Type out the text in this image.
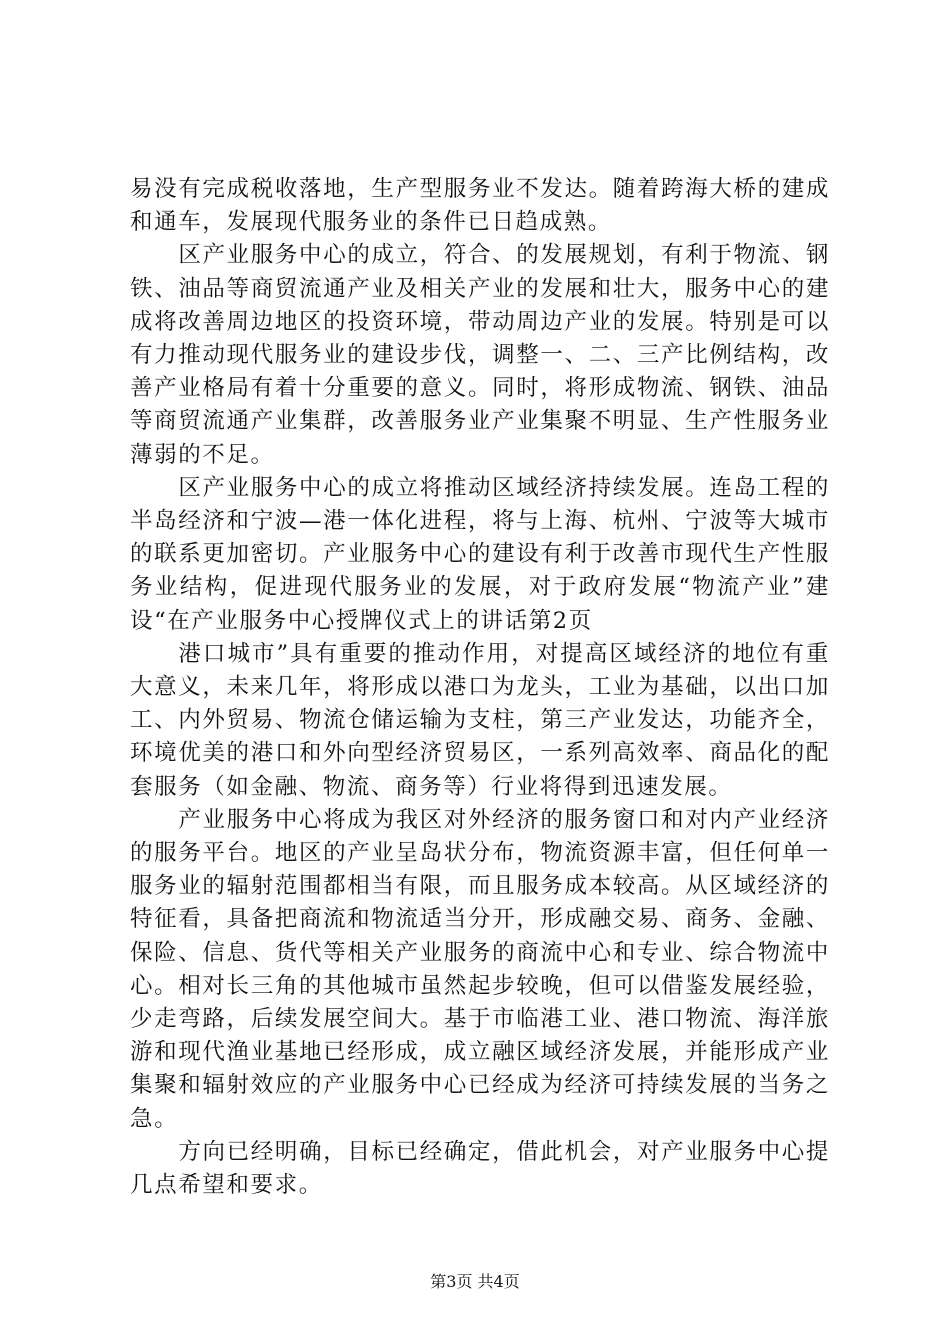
易没有完成税收落地，生产型服务业不发达。随着跨海大桥的建成和通车，发展现代服务业的条件已日趋成熟。

区产业服务中心的成立，符合、的发展规划，有利于物流、钢铁、油品等商贸流通产业及相关产业的发展和壮大，服务中心的建成将改善周边地区的投资环境，带动周边产业的发展。特别是可以有力推动现代服务业的建设步伐，调整一、二、三产比例结构，改善产业格局有着十分重要的意义。同时，将形成物流、钢铁、油品等商贸流通产业集群，改善服务业产业集聚不明显、生产性服务业薄弱的不足。

区产业服务中心的成立将推动区域经济持续发展。连岛工程的半岛经济和宁波—港一体化进程，将与上海、杭州、宁波等大城市的联系更加密切。产业服务中心的建设有利于改善市现代生产性服务业结构，促进现代服务业的发展，对于政府发展“物流产业”建设“在产业服务中心授牌仪式上的讲话第2页

港口城市”具有重要的推动作用，对提高区域经济的地位有重大意义，未来几年，将形成以港口为龙头，工业为基础，以出口加工、内外贸易、物流仓储运输为支柱，第三产业发达，功能齐全，环境优美的港口和外向型经济贸易区，一系列高效率、商品化的配套服务（如金融、物流、商务等）行业将得到迅速发展。

产业服务中心将成为我区对外经济的服务窗口和对内产业经济的服务平台。地区的产业呈岛状分布，物流资源丰富，但任何单一服务业的辐射范围都相当有限，而且服务成本较高。从区域经济的特征看，具备把商流和物流适当分开，形成融交易、商务、金融、保险、信息、货代等相关产业服务的商流中心和专业、综合物流中心。相对长三角的其他城市虽然起步较晚，但可以借鉴发展经验，少走弯路，后续发展空间大。基于市临港工业、港口物流、海洋旅游和现代渔业基地已经形成，成立融区域经济发展，并能形成产业集聚和辐射效应的产业服务中心已经成为经济可持续发展的当务之急。

方向已经明确，目标已经确定，借此机会，对产业服务中心提几点希望和要求。

第3页 共4页
